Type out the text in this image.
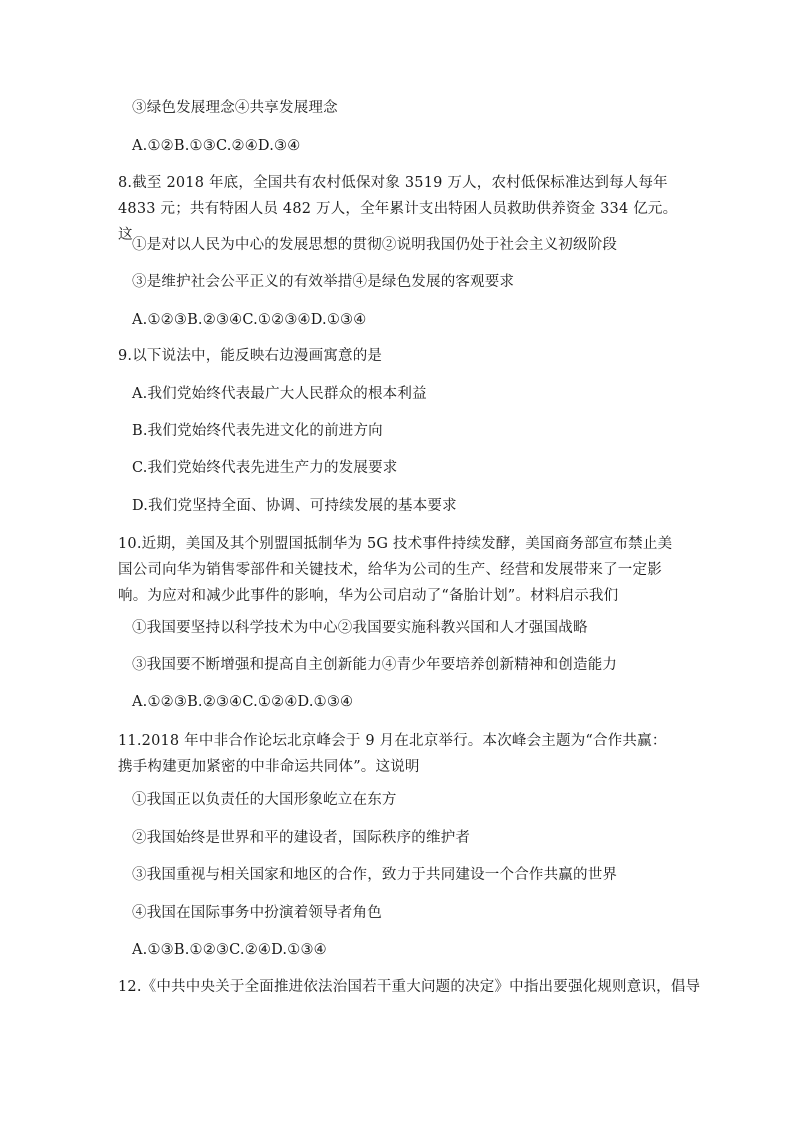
③绿色发展理念④共享发展理念
A.①②B.①③C.②④D.③④
8.截至 2018 年底，全国共有农村低保对象 3519 万人，农村低保标准达到每人每年 4833 元；共有特困人员 482 万人，全年累计支出特困人员救助供养资金 334 亿元。这
①是对以人民为中心的发展思想的贯彻②说明我国仍处于社会主义初级阶段
③是维护社会公平正义的有效举措④是绿色发展的客观要求
A.①②③B.②③④C.①②③④D.①③④
9.以下说法中，能反映右边漫画寓意的是
A.我们党始终代表最广大人民群众的根本利益
B.我们党始终代表先进文化的前进方向
C.我们党始终代表先进生产力的发展要求
D.我们党坚持全面、协调、可持续发展的基本要求
10.近期，美国及其个别盟国抵制华为 5G 技术事件持续发酵，美国商务部宣布禁止美国公司向华为销售零部件和关键技术，给华为公司的生产、经营和发展带来了一定影响。为应对和减少此事件的影响，华为公司启动了“备胎计划”。材料启示我们
①我国要坚持以科学技术为中心②我国要实施科教兴国和人才强国战略
③我国要不断增强和提高自主创新能力④青少年要培养创新精神和创造能力
A.①②③B.②③④C.①②④D.①③④
11.2018 年中非合作论坛北京峰会于 9 月在北京举行。本次峰会主题为“合作共赢：携手构建更加紧密的中非命运共同体”。这说明
①我国正以负责任的大国形象屹立在东方
②我国始终是世界和平的建设者，国际秩序的维护者
③我国重视与相关国家和地区的合作，致力于共同建设一个合作共赢的世界
④我国在国际事务中扮演着领导者角色
A.①③B.①②③C.②④D.①③④
12.《中共中央关于全面推进依法治国若干重大问题的决定》中指出要强化规则意识，倡导
